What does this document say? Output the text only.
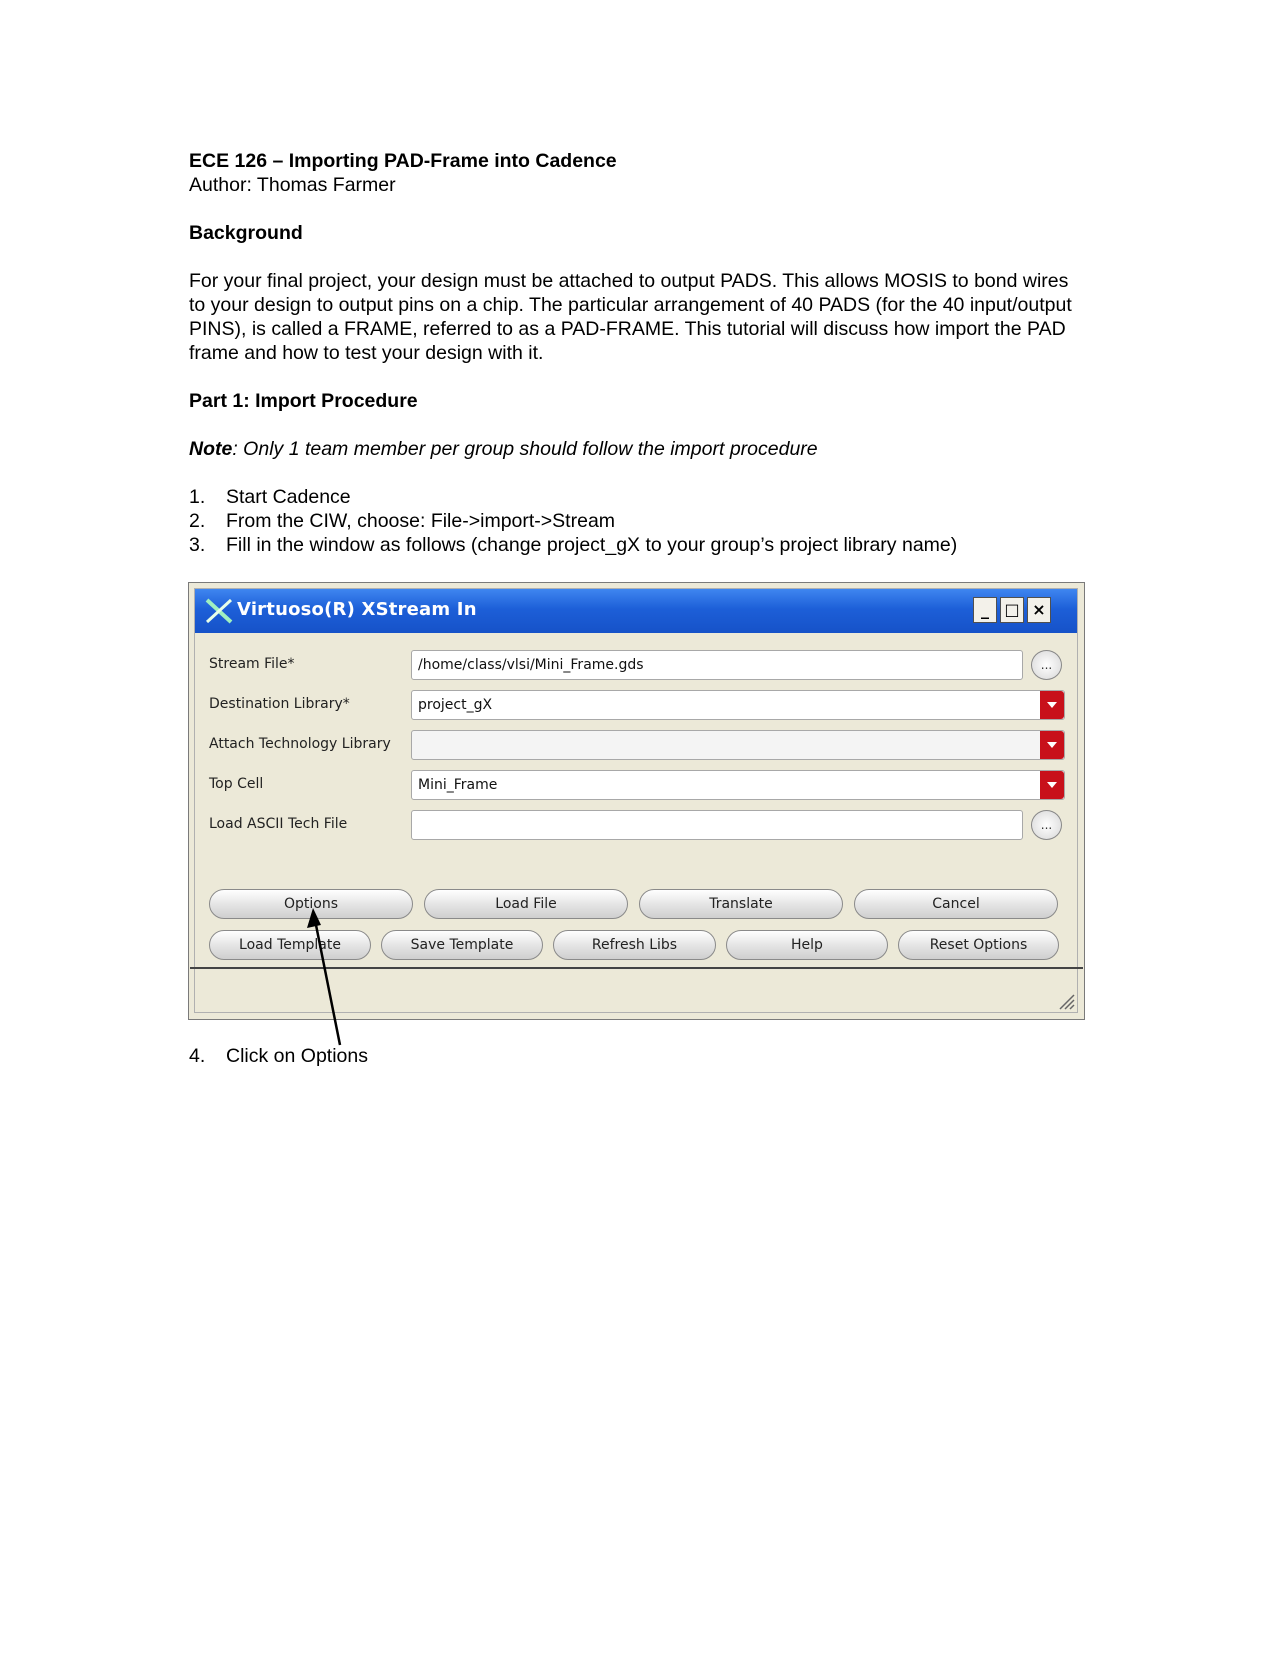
ECE 126 – Importing PAD-Frame into Cadence

Author: Thomas Farmer

Background

For your final project, your design must be attached to output PADS. This allows MOSIS to bond wires to your design to output pins on a chip. The particular arrangement of 40 PADS (for the 40 input/output PINS), is called a FRAME, referred to as a PAD-FRAME. This tutorial will discuss how import the PAD frame and how to test your design with it.

Part 1: Import Procedure

Note: Only 1 team member per group should follow the import procedure

1.	Start Cadence
2.	From the CIW, choose: File->import->Stream
3.	Fill in the window as follows (change project_gX to your group’s project library name)
Virtuoso(R) XStream In	_ □ ×
Stream File*	/home/class/vlsi/Mini_Frame.gds	...
Destination Library*	project_gX
Attach Technology Library
Top Cell	Mini_Frame
Load ASCII Tech File	...
Options	Load File	Translate	Cancel
Load Template	Save Template	Refresh Libs	Help	Reset Options
4.	Click on Options
